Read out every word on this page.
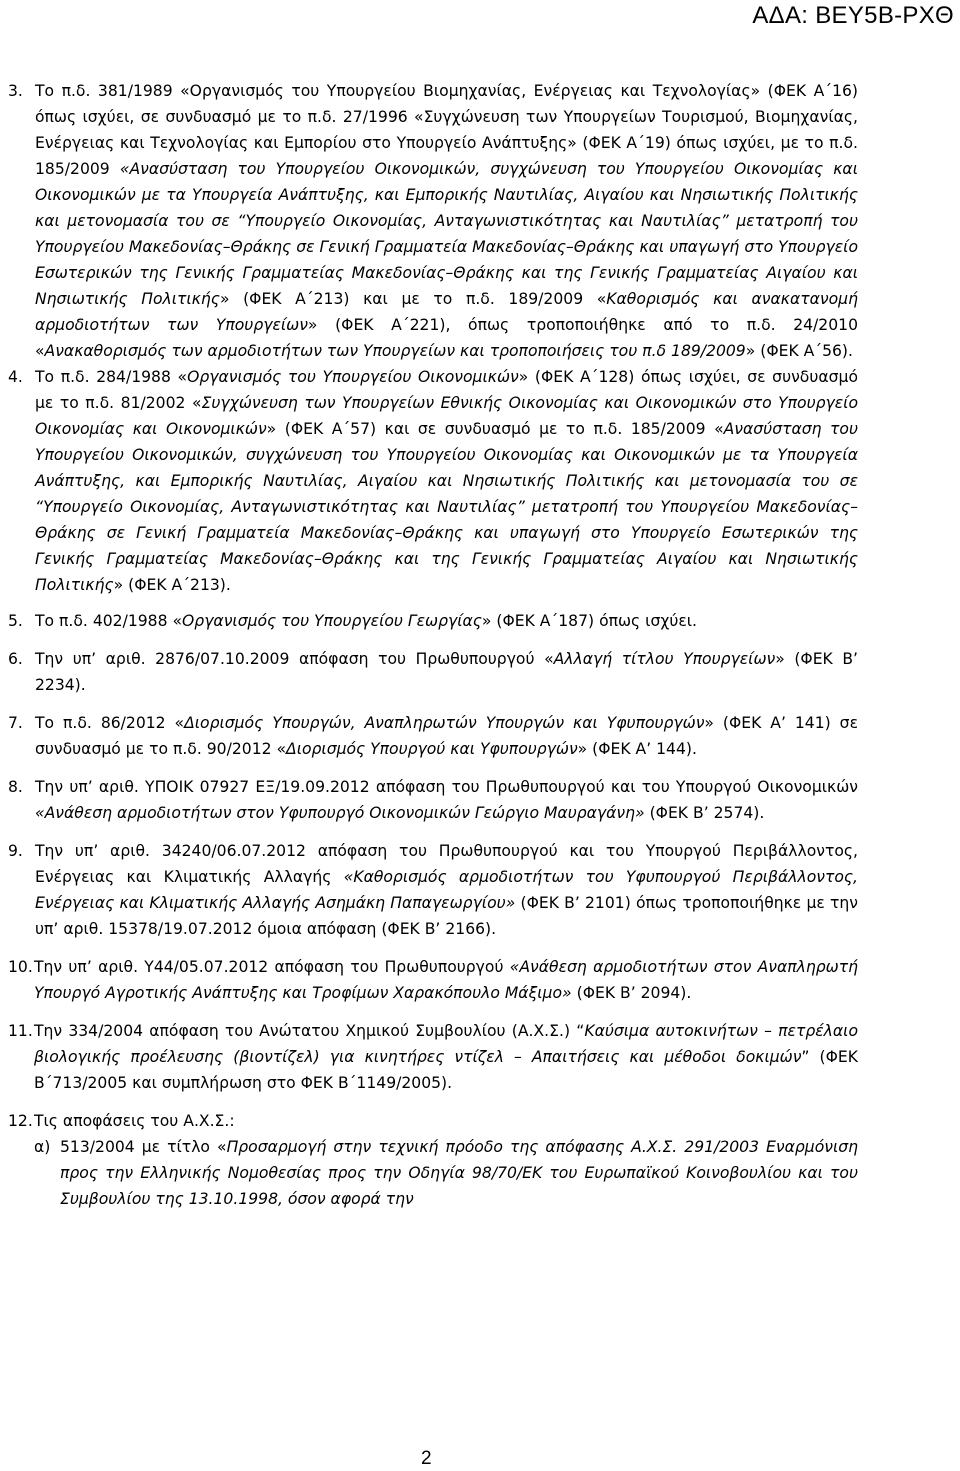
ΑΔΑ: ΒΕΥ5Β-ΡΧΘ
3. Το π.δ. 381/1989 «Οργανισμός του Υπουργείου Βιομηχανίας, Ενέργειας και Τεχνολογίας» (ΦΕΚ Α΄16) όπως ισχύει, σε συνδυασμό με το π.δ. 27/1996 «Συγχώνευση των Υπουργείων Τουρισμού, Βιομηχανίας, Ενέργειας και Τεχνολογίας και Εμπορίου στο Υπουργείο Ανάπτυξης» (ΦΕΚ Α΄19) όπως ισχύει, με το π.δ. 185/2009 «Ανασύσταση του Υπουργείου Οικονομικών, συγχώνευση του Υπουργείου Οικονομίας και Οικονομικών με τα Υπουργεία Ανάπτυξης, και Εμπορικής Ναυτιλίας, Αιγαίου και Νησιωτικής Πολιτικής και μετονομασία του σε “Υπουργείο Οικονομίας, Ανταγωνιστικότητας και Ναυτιλίας” μετατροπή του Υπουργείου Μακεδονίας–Θράκης σε Γενική Γραμματεία Μακεδονίας–Θράκης και υπαγωγή στο Υπουργείο Εσωτερικών της Γενικής Γραμματείας Μακεδονίας–Θράκης και της Γενικής Γραμματείας Αιγαίου και Νησιωτικής Πολιτικής» (ΦΕΚ Α΄213) και με το π.δ. 189/2009 «Καθορισμός και ανακατανομή αρμοδιοτήτων των Υπουργείων» (ΦΕΚ Α΄221), όπως τροποποιήθηκε από το π.δ. 24/2010 «Ανακαθορισμός των αρμοδιοτήτων των Υπουργείων και τροποποιήσεις του π.δ 189/2009» (ΦΕΚ Α΄56).

4. Το π.δ. 284/1988 «Οργανισμός του Υπουργείου Οικονομικών» (ΦΕΚ Α΄128) όπως ισχύει, σε συνδυασμό με το π.δ. 81/2002 «Συγχώνευση των Υπουργείων Εθνικής Οικονομίας και Οικονομικών στο Υπουργείο Οικονομίας και Οικονομικών» (ΦΕΚ Α΄57) και σε συνδυασμό με το π.δ. 185/2009 «Ανασύσταση του Υπουργείου Οικονομικών, συγχώνευση του Υπουργείου Οικονομίας και Οικονομικών με τα Υπουργεία Ανάπτυξης, και Εμπορικής Ναυτιλίας, Αιγαίου και Νησιωτικής Πολιτικής και μετονομασία του σε “Υπουργείο Οικονομίας, Ανταγωνιστικότητας και Ναυτιλίας” μετατροπή του Υπουργείου Μακεδονίας–Θράκης σε Γενική Γραμματεία Μακεδονίας–Θράκης και υπαγωγή στο Υπουργείο Εσωτερικών της Γενικής Γραμματείας Μακεδονίας–Θράκης και της Γενικής Γραμματείας Αιγαίου και Νησιωτικής Πολιτικής» (ΦΕΚ Α΄213).

5. Το π.δ. 402/1988 «Οργανισμός του Υπουργείου Γεωργίας» (ΦΕΚ Α΄187) όπως ισχύει.

6. Την υπ’ αριθ. 2876/07.10.2009 απόφαση του Πρωθυπουργού «Αλλαγή τίτλου Υπουργείων» (ΦΕΚ Β’ 2234).

7. Το π.δ. 86/2012 «Διορισμός Υπουργών, Αναπληρωτών Υπουργών και Υφυπουργών» (ΦΕΚ Α’ 141) σε συνδυασμό με το π.δ. 90/2012 «Διορισμός Υπουργού και Υφυπουργών» (ΦΕΚ Α’ 144).

8. Την υπ’ αριθ. ΥΠΟΙΚ 07927 ΕΞ/19.09.2012 απόφαση του Πρωθυπουργού και του Υπουργού Οικονομικών «Ανάθεση αρμοδιοτήτων στον Υφυπουργό Οικονομικών Γεώργιο Μαυραγάνη» (ΦΕΚ Β’ 2574).

9. Την υπ’ αριθ. 34240/06.07.2012 απόφαση του Πρωθυπουργού και του Υπουργού Περιβάλλοντος, Ενέργειας και Κλιματικής Αλλαγής «Καθορισμός αρμοδιοτήτων του Υφυπουργού Περιβάλλοντος, Ενέργειας και Κλιματικής Αλλαγής Ασημάκη Παπαγεωργίου» (ΦΕΚ Β’ 2101) όπως τροποποιήθηκε με την υπ’ αριθ. 15378/19.07.2012 όμοια απόφαση (ΦΕΚ Β’ 2166).

10. Την υπ’ αριθ. Υ44/05.07.2012 απόφαση του Πρωθυπουργού «Ανάθεση αρμοδιοτήτων στον Αναπληρωτή Υπουργό Αγροτικής Ανάπτυξης και Τροφίμων Χαρακόπουλο Μάξιμο» (ΦΕΚ Β’ 2094).

11. Την 334/2004 απόφαση του Ανώτατου Χημικού Συμβουλίου (Α.Χ.Σ.) “Καύσιμα αυτοκινήτων – πετρέλαιο βιολογικής προέλευσης (βιοντίζελ) για κινητήρες ντίζελ – Απαιτήσεις και μέθοδοι δοκιμών” (ΦΕΚ Β΄713/2005 και συμπλήρωση στο ΦΕΚ Β΄1149/2005).

12. Τις αποφάσεις του Α.Χ.Σ.:

α) 513/2004 με τίτλο «Προσαρμογή στην τεχνική πρόοδο της απόφασης Α.Χ.Σ. 291/2003 Εναρμόνιση προς την Ελληνικής Νομοθεσίας προς την Οδηγία 98/70/ΕΚ του Ευρωπαϊκού Κοινοβουλίου και του Συμβουλίου της 13.10.1998, όσον αφορά την

2
